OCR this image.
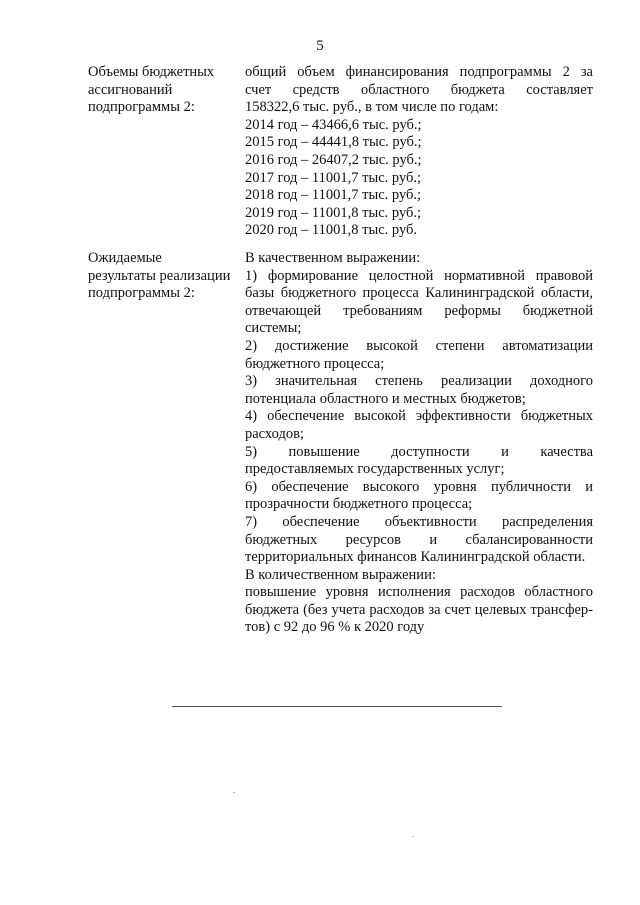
5
Объемы бюджетных
ассигнований
подпрограммы 2:
общий объем финансирования подпрограммы 2 за
счет средств областного бюджета составляет
158322,6 тыс. руб., в том числе по годам:
2014 год – 43466,6 тыс. руб.;
2015 год – 44441,8 тыс. руб.;
2016 год – 26407,2 тыс. руб.;
2017 год – 11001,7 тыс. руб.;
2018 год – 11001,7 тыс. руб.;
2019 год – 11001,8 тыс. руб.;
2020 год – 11001,8 тыс. руб.
Ожидаемые
результаты реализации
подпрограммы 2:
В качественном выражении:
1) формирование целостной нормативной правовой
базы бюджетного процесса Калининградской области,
отвечающей требованиям реформы бюджетной
системы;
2) достижение высокой степени автоматизации
бюджетного процесса;
3) значительная степень реализации доходного
потенциала областного и местных бюджетов;
4) обеспечение высокой эффективности бюджетных
расходов;
5) повышение доступности и качества
предоставляемых государственных услуг;
6) обеспечение высокого уровня публичности и
прозрачности бюджетного процесса;
7) обеспечение объективности распределения
бюджетных ресурсов и сбалансированности
территориальных финансов Калининградской области.
В количественном выражении:
повышение уровня исполнения расходов областного
бюджета (без учета расходов за счет целевых трансфер-
тов) с 92 до 96 % к 2020 году
